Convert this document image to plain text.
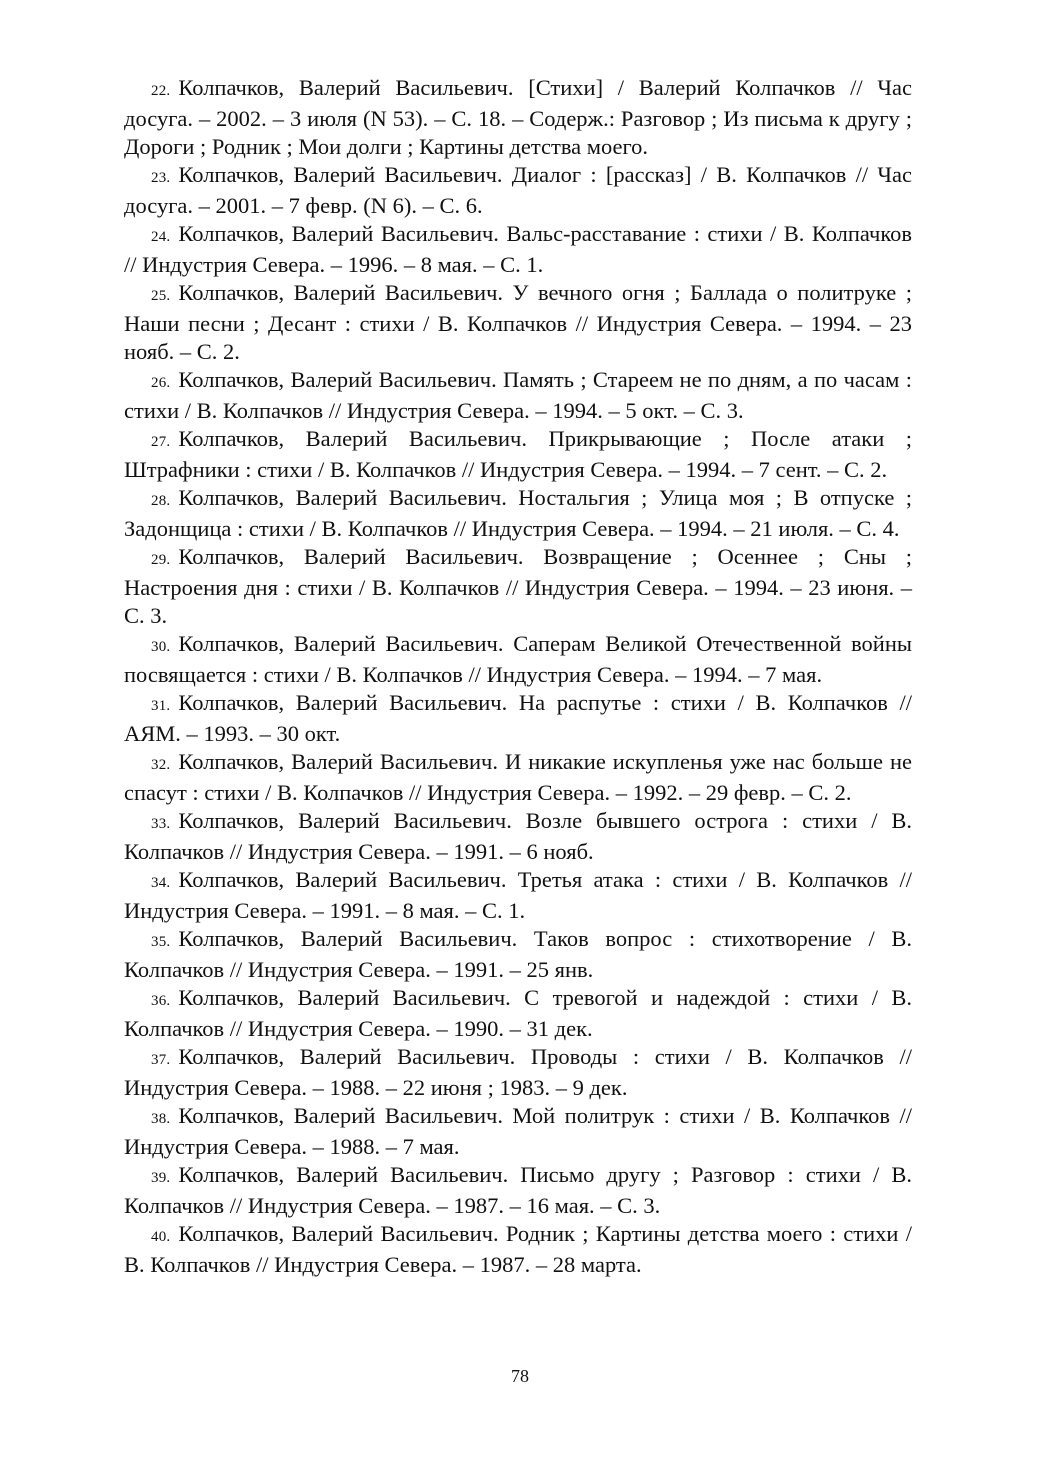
22. Колпачков, Валерий Васильевич. [Стихи] / Валерий Колпачков // Час досуга. – 2002. – 3 июля (N 53). – С. 18. – Содерж.: Разговор ; Из письма к другу ; Дороги ; Родник ; Мои долги ; Картины детства моего.

23. Колпачков, Валерий Васильевич. Диалог : [рассказ] / В. Колпачков // Час досуга. – 2001. – 7 февр. (N 6). – С. 6.

24. Колпачков, Валерий Васильевич. Вальс-расставание : стихи / В. Колпачков // Индустрия Севера. – 1996. – 8 мая. – С. 1.

25. Колпачков, Валерий Васильевич. У вечного огня ; Баллада о политруке ; Наши песни ; Десант : стихи / В. Колпачков // Индустрия Севера. – 1994. – 23 нояб. – С. 2.

26. Колпачков, Валерий Васильевич. Память ; Стареем не по дням, а по часам : стихи / В. Колпачков // Индустрия Севера. – 1994. – 5 окт. – С. 3.

27. Колпачков, Валерий Васильевич. Прикрывающие ; После атаки ; Штрафники : стихи / В. Колпачков // Индустрия Севера. – 1994. – 7 сент. – С. 2.

28. Колпачков, Валерий Васильевич. Ностальгия ; Улица моя ; В отпуске ; Задонщица : стихи / В. Колпачков // Индустрия Севера. – 1994. – 21 июля. – С. 4.

29. Колпачков, Валерий Васильевич. Возвращение ; Осеннее ; Сны ; Настроения дня : стихи / В. Колпачков // Индустрия Севера. – 1994. – 23 июня. – С. 3.

30. Колпачков, Валерий Васильевич. Саперам Великой Отечественной войны посвящается : стихи / В. Колпачков // Индустрия Севера. – 1994. – 7 мая.

31. Колпачков, Валерий Васильевич. На распутье : стихи / В. Колпачков // АЯМ. – 1993. – 30 окт.

32. Колпачков, Валерий Васильевич. И никакие искупленья уже нас больше не спасут : стихи / В. Колпачков // Индустрия Севера. – 1992. – 29 февр. – С. 2.

33. Колпачков, Валерий Васильевич. Возле бывшего острога : стихи / В. Колпачков // Индустрия Севера. – 1991. – 6 нояб.

34. Колпачков, Валерий Васильевич. Третья атака : стихи / В. Колпачков // Индустрия Севера. – 1991. – 8 мая. – С. 1.

35. Колпачков, Валерий Васильевич. Таков вопрос : стихотворение / В. Колпачков // Индустрия Севера. – 1991. – 25 янв.

36. Колпачков, Валерий Васильевич. С тревогой и надеждой : стихи / В. Колпачков // Индустрия Севера. – 1990. – 31 дек.

37. Колпачков, Валерий Васильевич. Проводы : стихи / В. Колпачков // Индустрия Севера. – 1988. – 22 июня ; 1983. – 9 дек.

38. Колпачков, Валерий Васильевич. Мой политрук : стихи / В. Колпачков // Индустрия Севера. – 1988. – 7 мая.

39. Колпачков, Валерий Васильевич. Письмо другу ; Разговор : стихи / В. Колпачков // Индустрия Севера. – 1987. – 16 мая. – С. 3.

40. Колпачков, Валерий Васильевич. Родник ; Картины детства моего : стихи / В. Колпачков // Индустрия Севера. – 1987. – 28 марта.

78
